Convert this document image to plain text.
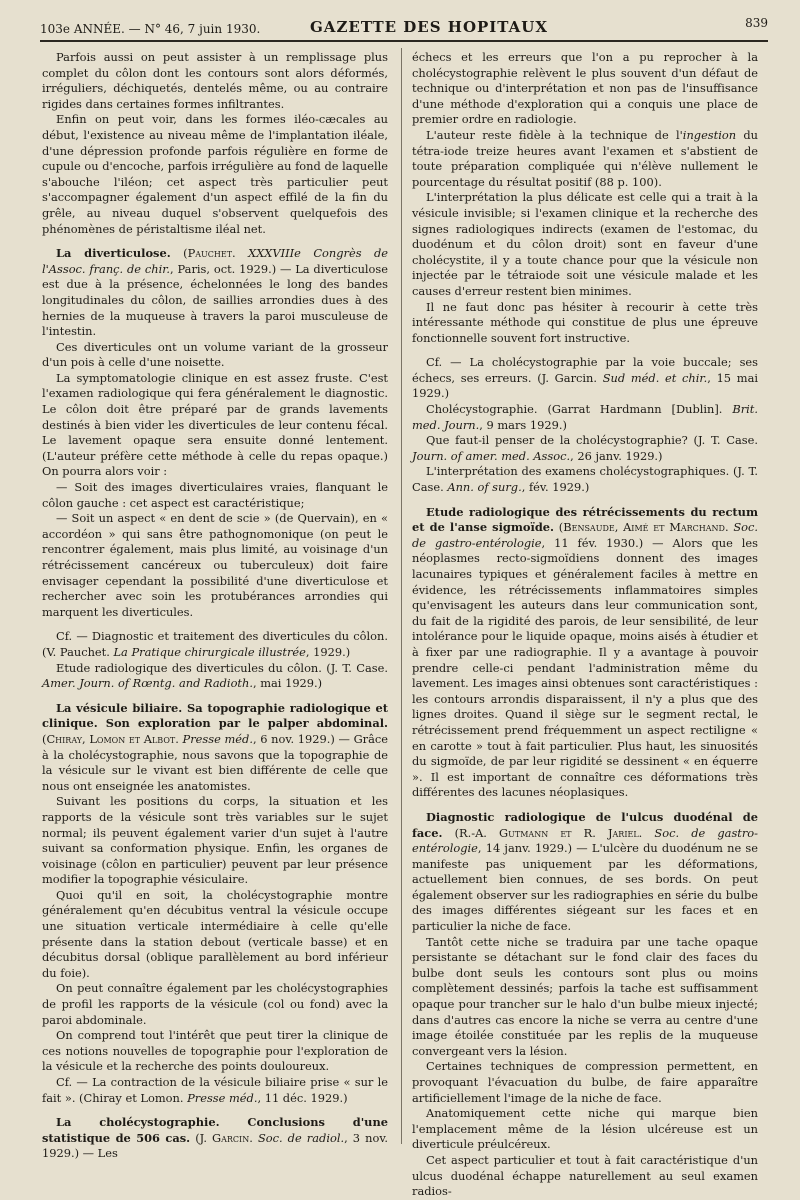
103e ANNÉE. — N° 46, 7 juin 1930.	GAZETTE DES HOPITAUX	839

Parfois aussi on peut assister à un remplissage plus complet du côlon dont les contours sont alors déformés, irréguliers, déchiquetés, dentelés même, ou au contraire rigides dans certaines formes infiltrantes.

Enfin on peut voir, dans les formes iléo-cæcales au début, l'existence au niveau même de l'implantation iléale, d'une dépression profonde parfois régulière en forme de cupule ou d'encoche, parfois irrégulière au fond de laquelle s'abouche l'iléon; cet aspect très particulier peut s'accompagner également d'un aspect effilé de la fin du grêle, au niveau duquel s'observent quelquefois des phénomènes de péristaltisme iléal net.

La diverticulose. (Pauchet. XXXVIIIe Congrès de l'Assoc. franç. de chir., Paris, oct. 1929.) — La diverticulose est due à la présence, échelonnées le long des bandes longitudinales du côlon, de saillies arrondies dues à des hernies de la muqueuse à travers la paroi musculeuse de l'intestin.

Ces diverticules ont un volume variant de la grosseur d'un pois à celle d'une noisette.

La symptomatologie clinique en est assez fruste. C'est l'examen radiologique qui fera généralement le diagnostic. Le côlon doit être préparé par de grands lavements destinés à bien vider les diverticules de leur contenu fécal. Le lavement opaque sera ensuite donné lentement. (L'auteur préfère cette méthode à celle du repas opaque.) On pourra alors voir :

— Soit des images diverticulaires vraies, flanquant le côlon gauche : cet aspect est caractéristique;

— Soit un aspect « en dent de scie » (de Quervain), en « accordéon » qui sans être pathognomonique (on peut le rencontrer également, mais plus limité, au voisinage d'un rétrécissement cancéreux ou tuberculeux) doit faire envisager cependant la possibilité d'une diverticulose et rechercher avec soin les protubérances arrondies qui marquent les diverticules.

Cf. — Diagnostic et traitement des diverticules du côlon. (V. Pauchet. La Pratique chirurgicale illustrée, 1929.)

Etude radiologique des diverticules du côlon. (J. T. Case. Amer. Journ. of Rœntg. and Radioth., mai 1929.)

La vésicule biliaire. Sa topographie radiologique et clinique. Son exploration par le palper abdominal. (Chiray, Lomon et Albot. Presse méd., 6 nov. 1929.) — Grâce à la cholécystographie, nous savons que la topographie de la vésicule sur le vivant est bien différente de celle que nous ont enseignée les anatomistes.

Suivant les positions du corps, la situation et les rapports de la vésicule sont très variables sur le sujet normal; ils peuvent également varier d'un sujet à l'autre suivant sa conformation physique. Enfin, les organes de voisinage (côlon en particulier) peuvent par leur présence modifier la topographie vésiculaire.

Quoi qu'il en soit, la cholécystographie montre généralement qu'en décubitus ventral la vésicule occupe une situation verticale intermédiaire à celle qu'elle présente dans la station debout (verticale basse) et en décubitus dorsal (oblique parallèlement au bord inférieur du foie).

On peut connaître également par les cholécystographies de profil les rapports de la vésicule (col ou fond) avec la paroi abdominale.

On comprend tout l'intérêt que peut tirer la clinique de ces notions nouvelles de topographie pour l'exploration de la vésicule et la recherche des points douloureux.

Cf. — La contraction de la vésicule biliaire prise « sur le fait ». (Chiray et Lomon. Presse méd., 11 déc. 1929.)

La cholécystographie. Conclusions d'une statistique de 506 cas. (J. Garcin. Soc. de radiol., 3 nov. 1929.) — Les

échecs et les erreurs que l'on a pu reprocher à la cholécystographie relèvent le plus souvent d'un défaut de technique ou d'interprétation et non pas de l'insuffisance d'une méthode d'exploration qui a conquis une place de premier ordre en radiologie.

L'auteur reste fidèle à la technique de l'ingestion du tétra-iode treize heures avant l'examen et s'abstient de toute préparation compliquée qui n'élève nullement le pourcentage du résultat positif (88 p. 100).

L'interprétation la plus délicate est celle qui a trait à la vésicule invisible; si l'examen clinique et la recherche des signes radiologiques indirects (examen de l'estomac, du duodénum et du côlon droit) sont en faveur d'une cholécystite, il y a toute chance pour que la vésicule non injectée par le tétraiode soit une vésicule malade et les causes d'erreur restent bien minimes.

Il ne faut donc pas hésiter à recourir à cette très intéressante méthode qui constitue de plus une épreuve fonctionnelle souvent fort instructive.

Cf. — La cholécystographie par la voie buccale; ses échecs, ses erreurs. (J. Garcin. Sud méd. et chir., 15 mai 1929.)

Cholécystographie. (Garrat Hardmann [Dublin]. Brit. med. Journ., 9 mars 1929.)

Que faut-il penser de la cholécystographie? (J. T. Case. Journ. of amer. med. Assoc., 26 janv. 1929.)

L'interprétation des examens cholécystographiques. (J. T. Case. Ann. of surg., fév. 1929.)

Etude radiologique des rétrécissements du rectum et de l'anse sigmoïde. (Bensaude, Aimé et Marchand. Soc. de gastro-entérologie, 11 fév. 1930.) — Alors que les néoplasmes recto-sigmoïdiens donnent des images lacunaires typiques et généralement faciles à mettre en évidence, les rétrécissements inflammatoires simples qu'envisagent les auteurs dans leur communication sont, du fait de la rigidité des parois, de leur sensibilité, de leur intolérance pour le liquide opaque, moins aisés à étudier et à fixer par une radiographie. Il y a avantage à pouvoir prendre celle-ci pendant l'administration même du lavement. Les images ainsi obtenues sont caractéristiques : les contours arrondis disparaissent, il n'y a plus que des lignes droites. Quand il siège sur le segment rectal, le rétrécissement prend fréquemment un aspect rectiligne « en carotte » tout à fait particulier. Plus haut, les sinuosités du sigmoïde, de par leur rigidité se dessinent « en équerre ». Il est important de connaître ces déformations très différentes des lacunes néoplasiques.

Diagnostic radiologique de l'ulcus duodénal de face. (R.-A. Gutmann et R. Jariel. Soc. de gastro-entérologie, 14 janv. 1929.) — L'ulcère du duodénum ne se manifeste pas uniquement par les déformations, actuellement bien connues, de ses bords. On peut également observer sur les radiographies en série du bulbe des images différentes siégeant sur les faces et en particulier la niche de face.

Tantôt cette niche se traduira par une tache opaque persistante se détachant sur le fond clair des faces du bulbe dont seuls les contours sont plus ou moins complètement dessinés; parfois la tache est suffisamment opaque pour trancher sur le halo d'un bulbe mieux injecté; dans d'autres cas encore la niche se verra au centre d'une image étoilée constituée par les replis de la muqueuse convergeant vers la lésion.

Certaines techniques de compression permettent, en provoquant l'évacuation du bulbe, de faire apparaître artificiellement l'image de la niche de face.

Anatomiquement cette niche qui marque bien l'emplacement même de la lésion ulcéreuse est un diverticule préulcéreux.

Cet aspect particulier et tout à fait caractéristique d'un ulcus duodénal échappe naturellement au seul examen radios-
